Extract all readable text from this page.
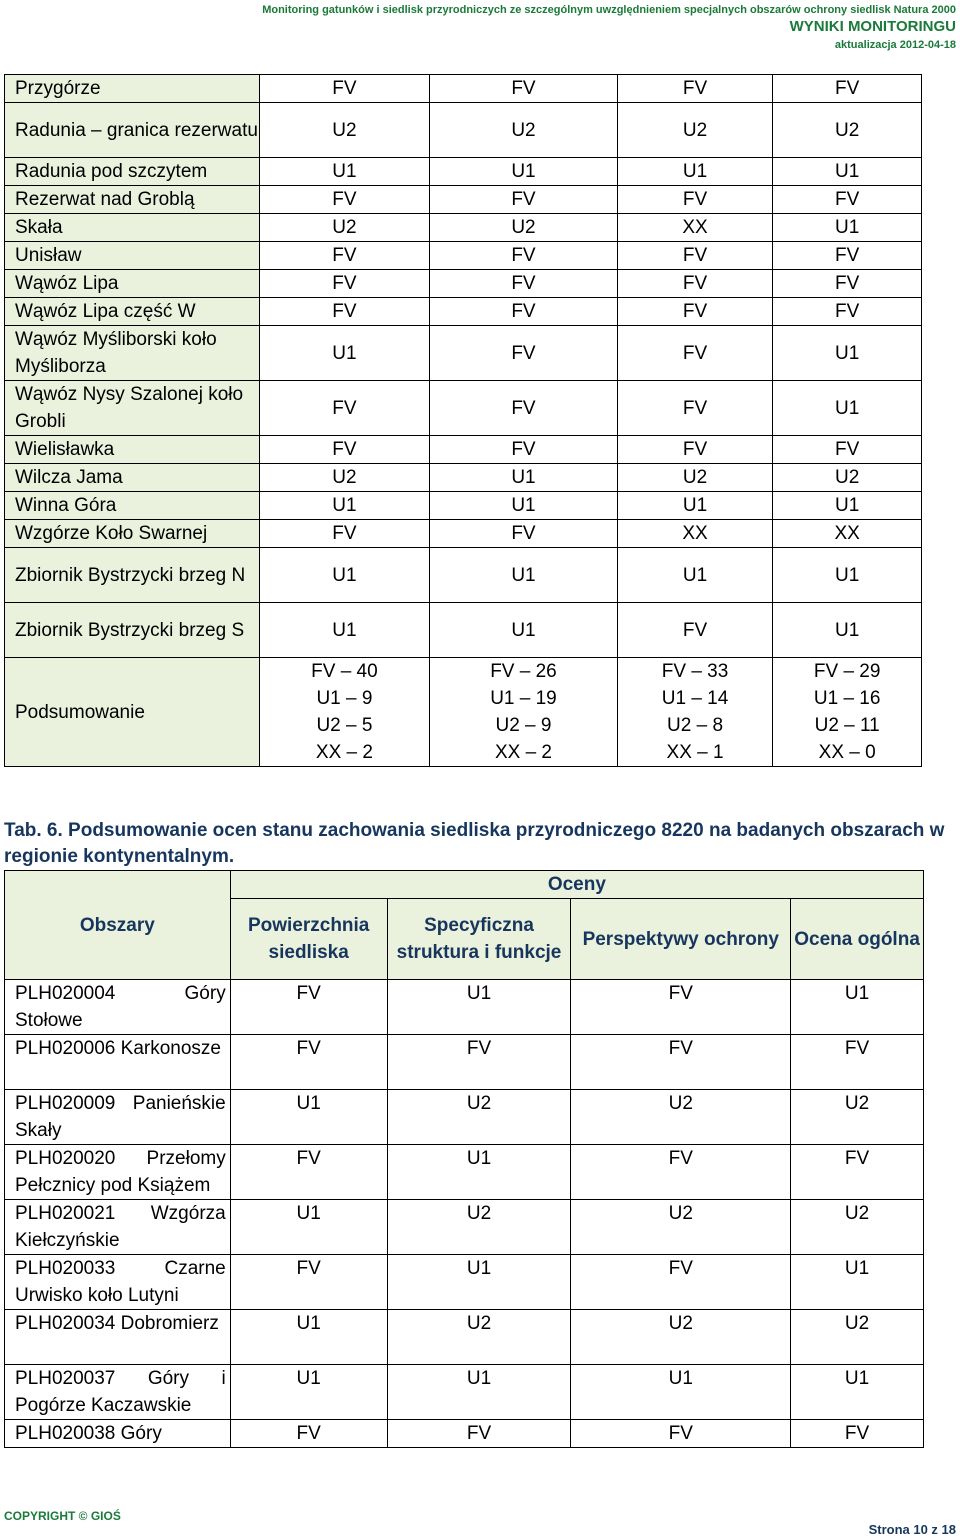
Monitoring gatunków i siedlisk przyrodniczych ze szczególnym uwzględnieniem specjalnych obszarów ochrony siedlisk Natura 2000
WYNIKI MONITORINGU
aktualizacja 2012-04-18
Przygórze	FV	FV	FV	FV
Radunia – granica rezerwatu	U2	U2	U2	U2
Radunia pod szczytem	U1	U1	U1	U1
Rezerwat nad Groblą	FV	FV	FV	FV
Skała	U2	U2	XX	U1
Unisław	FV	FV	FV	FV
Wąwóz Lipa	FV	FV	FV	FV
Wąwóz Lipa część W	FV	FV	FV	FV
Wąwóz Myśliborski koło Myśliborza	U1	FV	FV	U1
Wąwóz Nysy Szalonej koło Grobli	FV	FV	FV	U1
Wielisławka	FV	FV	FV	FV
Wilcza Jama	U2	U1	U2	U2
Winna Góra	U1	U1	U1	U1
Wzgórze Koło Swarnej	FV	FV	XX	XX
Zbiornik Bystrzycki brzeg N	U1	U1	U1	U1
Zbiornik Bystrzycki brzeg S	U1	U1	FV	U1
Podsumowanie	FV – 40
U1 – 9
U2 – 5
XX – 2	FV – 26
U1 – 19
U2 – 9
XX – 2	FV – 33
U1 – 14
U2 – 8
XX – 1	FV – 29
U1 – 16
U2 – 11
XX – 0
Tab. 6. Podsumowanie ocen stanu zachowania siedliska przyrodniczego 8220 na badanych obszarach w regionie kontynentalnym.
Obszary	Oceny			
	Powierzchnia siedliska	Specyficzna struktura i funkcje	Perspektywy ochrony	Ocena ogólna
PLH020004 Góry Stołowe	FV	U1	FV	U1
PLH020006 Karkonosze	FV	FV	FV	FV
PLH020009 Panieńskie Skały	U1	U2	U2	U2
PLH020020 Przełomy Pełcznicy pod Książem	FV	U1	FV	FV
PLH020021 Wzgórza Kiełczyńskie	U1	U2	U2	U2
PLH020033 Czarne Urwisko koło Lutyni	FV	U1	FV	U1
PLH020034 Dobromierz	U1	U2	U2	U2
PLH020037 Góry i Pogórze Kaczawskie	U1	U1	U1	U1
PLH020038 Góry	FV	FV	FV	FV
COPYRIGHT © GIOŚ
Strona 10 z 18
